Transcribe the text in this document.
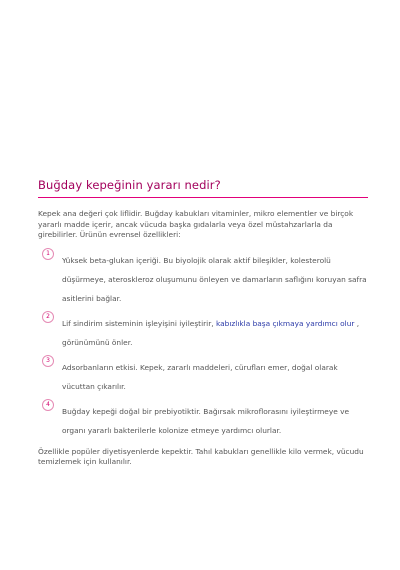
Buğday kepeğinin yararı nedir?

Kepek ana değeri çok liflidir. Buğday kabukları vitaminler, mikro elementler ve birçok yararlı madde içerir, ancak vücuda başka gıdalarla veya özel müstahzarlarla da girebilirler. Ürünün evrensel özellikleri:

1
Yüksek beta-glukan içeriği. Bu biyolojik olarak aktif bileşikler, kolesterolü düşürmeye, ateroskleroz oluşumunu önleyen ve damarların saflığını koruyan safra asitlerini bağlar.
2
Lif sindirim sisteminin işleyişini iyileştirir, kabızlıkla başa çıkmaya yardımcı olur , görünümünü önler.
3
Adsorbanların etkisi. Kepek, zararlı maddeleri, cürufları emer, doğal olarak vücuttan çıkarılır.
4
Buğday kepeği doğal bir prebiyotiktir. Bağırsak mikroflorasını iyileştirmeye ve organı yararlı bakterilerle kolonize etmeye yardımcı olurlar.

Özellikle popüler diyetisyenlerde kepektir. Tahıl kabukları genellikle kilo vermek, vücudu temizlemek için kullanılır.
